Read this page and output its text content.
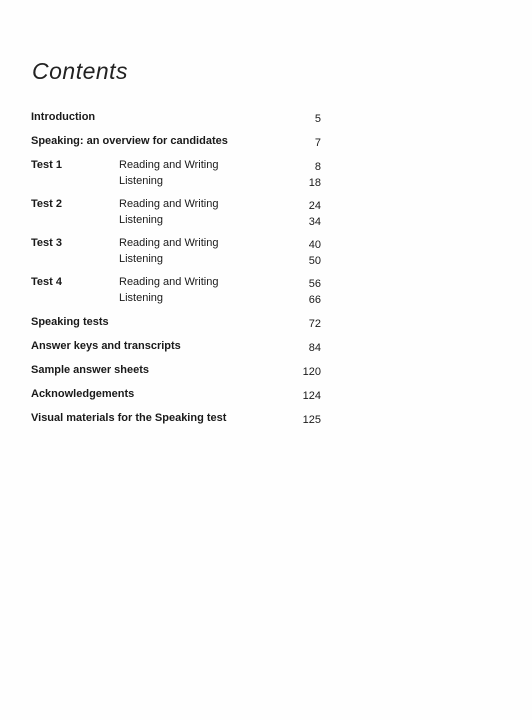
Contents
Introduction	5
Speaking: an overview for candidates	7
Test 1	Reading and Writing	8
Listening	18
Test 2	Reading and Writing	24
Listening	34
Test 3	Reading and Writing	40
Listening	50
Test 4	Reading and Writing	56
Listening	66
Speaking tests	72
Answer keys and transcripts	84
Sample answer sheets	120
Acknowledgements	124
Visual materials for the Speaking test	125
